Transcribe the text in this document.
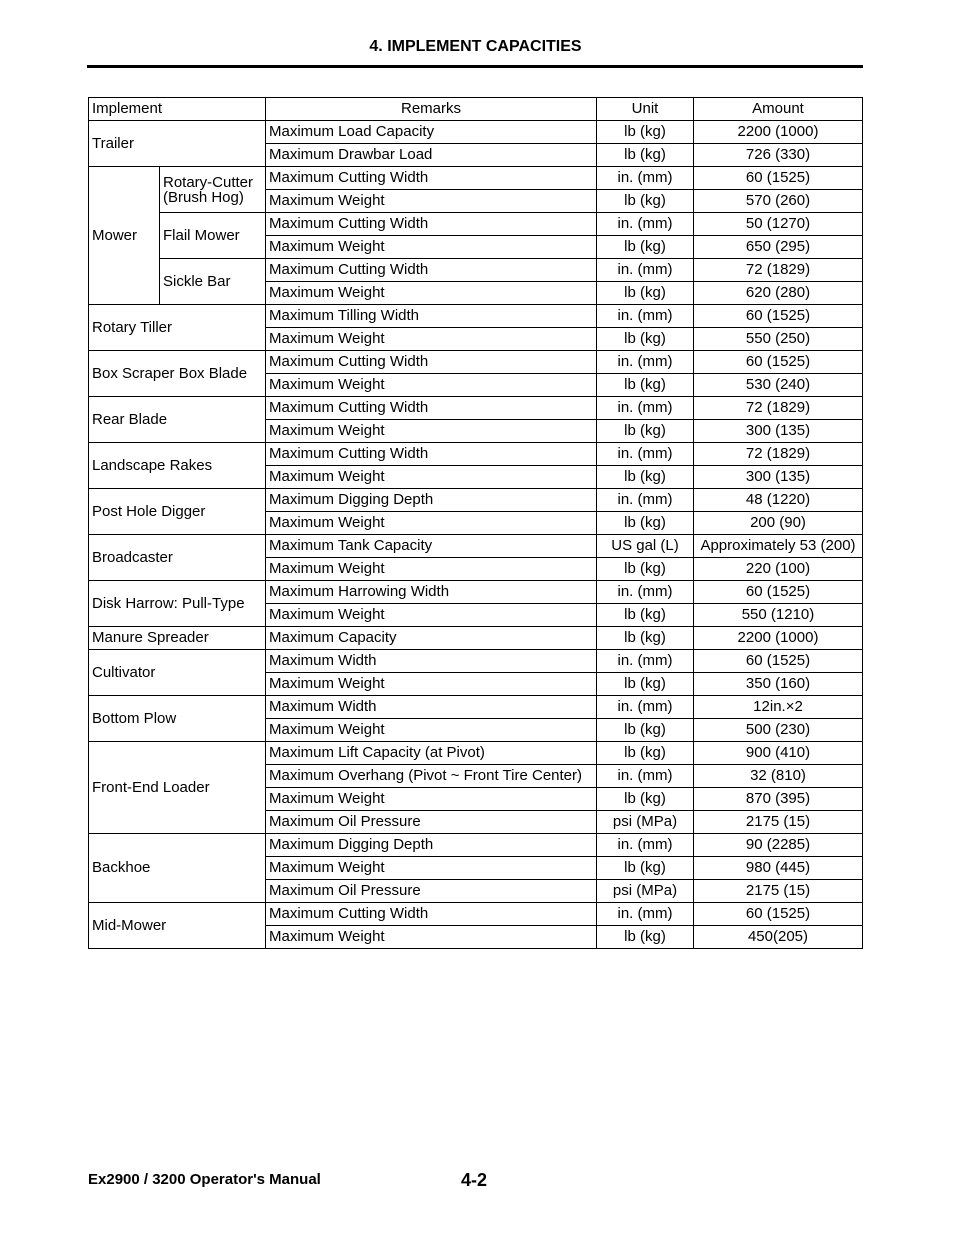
4. IMPLEMENT CAPACITIES
Implement		Remarks	Unit	Amount
Trailer		Maximum Load Capacity	lb (kg)	2200 (1000)
		Maximum Drawbar Load	lb (kg)	726 (330)
Mower	Rotary-Cutter (Brush Hog)	Maximum Cutting Width	in. (mm)	60 (1525)
		Maximum Weight	lb (kg)	570 (260)
	Flail Mower	Maximum Cutting Width	in. (mm)	50 (1270)
		Maximum Weight	lb (kg)	650 (295)
	Sickle Bar	Maximum Cutting Width	in. (mm)	72 (1829)
		Maximum Weight	lb (kg)	620 (280)
Rotary Tiller		Maximum Tilling Width	in. (mm)	60 (1525)
		Maximum Weight	lb (kg)	550 (250)
Box Scraper Box Blade		Maximum Cutting Width	in. (mm)	60 (1525)
		Maximum Weight	lb (kg)	530 (240)
Rear Blade		Maximum Cutting Width	in. (mm)	72 (1829)
		Maximum Weight	lb (kg)	300 (135)
Landscape Rakes		Maximum Cutting Width	in. (mm)	72 (1829)
		Maximum Weight	lb (kg)	300 (135)
Post Hole Digger		Maximum Digging Depth	in. (mm)	48 (1220)
		Maximum Weight	lb (kg)	200 (90)
Broadcaster		Maximum Tank Capacity	US gal (L)	Approximately 53 (200)
		Maximum Weight	lb (kg)	220 (100)
Disk Harrow: Pull-Type		Maximum Harrowing Width	in. (mm)	60 (1525)
		Maximum Weight	lb (kg)	550 (1210)
Manure Spreader		Maximum Capacity	lb (kg)	2200 (1000)
Cultivator		Maximum Width	in. (mm)	60 (1525)
		Maximum Weight	lb (kg)	350 (160)
Bottom Plow		Maximum Width	in. (mm)	12in.×2
		Maximum Weight	lb (kg)	500 (230)
Front-End Loader		Maximum Lift Capacity (at Pivot)	lb (kg)	900 (410)
		Maximum Overhang (Pivot ~ Front Tire Center)	in. (mm)	32 (810)
		Maximum Weight	lb (kg)	870 (395)
		Maximum Oil Pressure	psi (MPa)	2175 (15)
Backhoe		Maximum Digging Depth	in. (mm)	90 (2285)
		Maximum Weight	lb (kg)	980 (445)
		Maximum Oil Pressure	psi (MPa)	2175 (15)
Mid-Mower		Maximum Cutting Width	in. (mm)	60 (1525)
		Maximum Weight	lb (kg)	450(205)
Ex2900 / 3200 Operator's Manual	4-2
